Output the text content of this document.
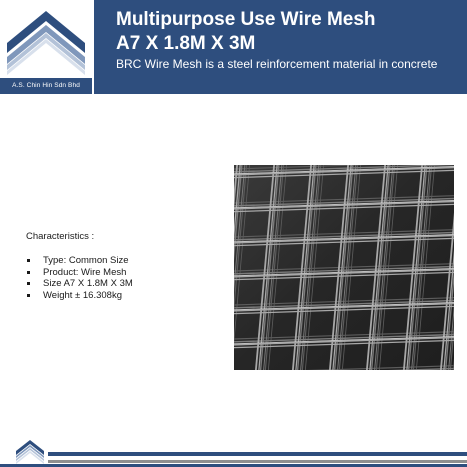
A.S. Chin Hin Sdn Bhd
Multipurpose Use Wire Mesh
A7 X 1.8M X 3M

BRC Wire Mesh is a steel reinforcement material in concrete

Characteristics :
Type: Common Size
Product: Wire Mesh
Size A7 X 1.8M X 3M
Weight ± 16.308kg
